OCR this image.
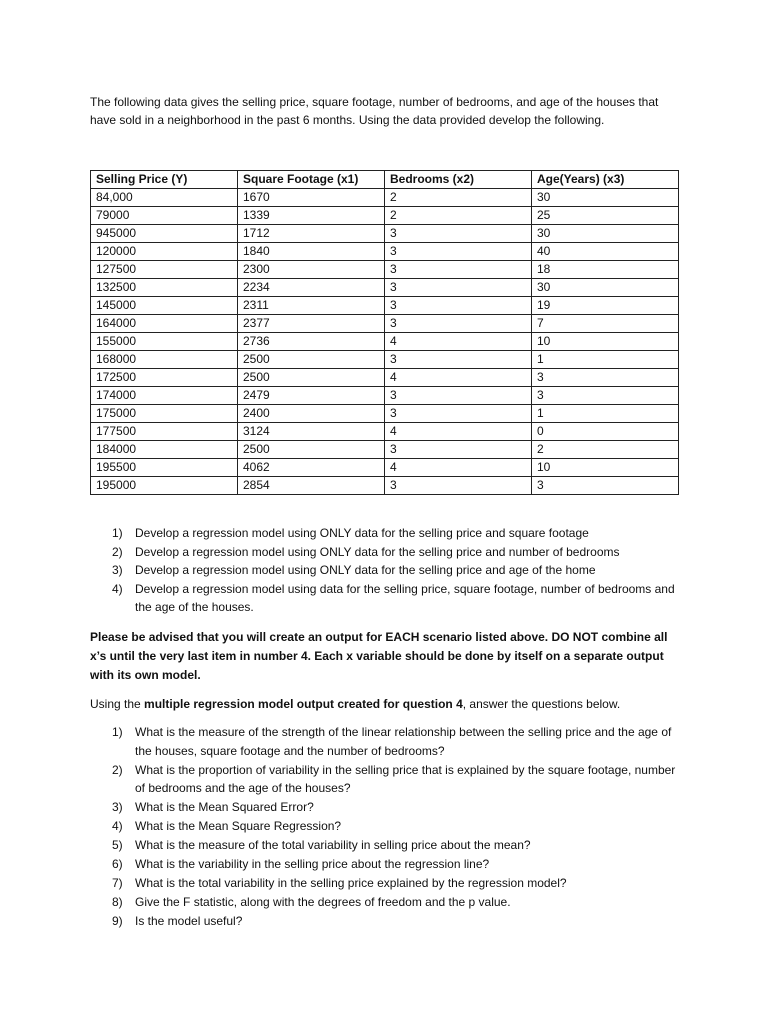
The following data gives the selling price, square footage, number of bedrooms, and age of the houses that have sold in a neighborhood in the past 6 months. Using the data provided develop the following.

Selling Price (Y)	Square Footage (x1)	Bedrooms (x2)	Age(Years) (x3)
84,000	1670	2	30
79000	1339	2	25
945000	1712	3	30
120000	1840	3	40
127500	2300	3	18
132500	2234	3	30
145000	2311	3	19
164000	2377	3	7
155000	2736	4	10
168000	2500	3	1
172500	2500	4	3
174000	2479	3	3
175000	2400	3	1
177500	3124	4	0
184000	2500	3	2
195500	4062	4	10
195000	2854	3	3
1) Develop a regression model using ONLY data for the selling price and square footage
2) Develop a regression model using ONLY data for the selling price and number of bedrooms
3) Develop a regression model using ONLY data for the selling price and age of the home
4) Develop a regression model using data for the selling price, square footage, number of bedrooms and the age of the houses.

Please be advised that you will create an output for EACH scenario listed above. DO NOT combine all x’s until the very last item in number 4. Each x variable should be done by itself on a separate output with its own model.

Using the multiple regression model output created for question 4, answer the questions below.

1) What is the measure of the strength of the linear relationship between the selling price and the age of the houses, square footage and the number of bedrooms?
2) What is the proportion of variability in the selling price that is explained by the square footage, number of bedrooms and the age of the houses?
3) What is the Mean Squared Error?
4) What is the Mean Square Regression?
5) What is the measure of the total variability in selling price about the mean?
6) What is the variability in the selling price about the regression line?
7) What is the total variability in the selling price explained by the regression model?
8) Give the F statistic, along with the degrees of freedom and the p value.
9) Is the model useful?
